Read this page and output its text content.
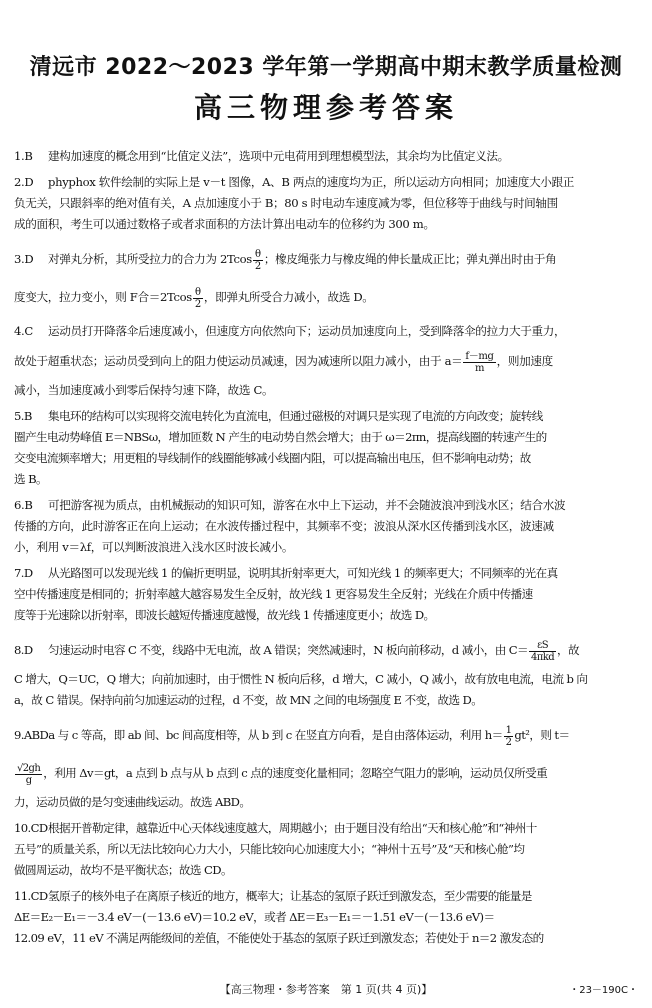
清远市 2022～2023 学年第一学期高中期末教学质量检测
高三物理参考答案
1.B 建构加速度的概念用到“比值定义法”，选项中元电荷用到理想模型法，其余均为比值定义法。
2.D phyphox 软件绘制的实际上是 v－t 图像，A、B 两点的速度均为正，所以运动方向相同；加速度大小跟正
负无关，只跟斜率的绝对值有关，A 点加速度小于 B；80 s 时电动车速度减为零，但位移等于曲线与时间轴围
成的面积，考生可以通过数格子或者求面积的方法计算出电动车的位移约为 300 m。
3.D 对弹丸分析，其所受拉力的合力为 $2Tcos \frac{\theta}{2}$ ；橡皮绳张力与橡皮绳的伸长量成正比；弹丸弹出时由于角
度变大，拉力变小，则 F合$=2Tcos \frac{\theta}{2}$ ，即弹丸所受合力减小，故选 D。
4.C 运动员打开降落伞后速度减小，但速度方向依然向下；运动员加速度向上，受到降落伞的拉力大于重力，
故处于超重状态；运动员受到向上的阻力使运动员减速，因为减速所以阻力减小，由于 $a= \frac{f-mg}{m}$ ，则加速度
减小，当加速度减小到零后保持匀速下降，故选 C。
5.B 集电环的结构可以实现将交流电转化为直流电，但通过磁极的对调只是实现了电流的方向改变；旋转线
圈产生电动势峰值 E＝NBSω，增加匝数 N 产生的电动势自然会增大；由于 ω＝2πn，提高线圈的转速产生的
交变电流频率增大；用更粗的导线制作的线圈能够减小线圈内阻，可以提高输出电压，但不影响电动势；故
选 B。
6.B 可把游客视为质点，由机械振动的知识可知，游客在水中上下运动，并不会随波浪冲到浅水区；结合水波
传播的方向，此时游客正在向上运动；在水波传播过程中，其频率不变；波浪从深水区传播到浅水区，波速减
小，利用 v＝λf，可以判断波浪进入浅水区时波长减小。
7.D 从光路图可以发现光线 1 的偏折更明显，说明其折射率更大，可知光线 1 的频率更大；不同频率的光在真
空中传播速度是相同的；折射率越大越容易发生全反射，故光线 1 更容易发生全反射；光线在介质中传播速
度等于光速除以折射率，即波长越短传播速度越慢，故光线 1 传播速度更小；故选 D。
8.D 匀速运动时电容 C 不变，线路中无电流，故 A 错误；突然减速时，N 板向前移动，d 减小，由 $C= \frac{\varepsilon S}{\text{4πkd}}$ ，故
C 增大，Q＝UC，Q 增大；向前加速时，由于惯性 N 板向后移，d 增大，C 减小，Q 减小，故有放电电流，电流 b 向
a，故 C 错误。保持向前匀加速运动的过程，d 不变，故 MN 之间的电场强度 E 不变，故选 D。
9.ABDa 与 c 等高，即 ab 间、bc 间高度相等，从 b 到 c 在竖直方向看，是自由落体运动，利用 $h= \frac{1}{2} gt^2$，则 t＝
$\frac{√2gh}{g}$ ，利用 Δv＝gt，a 点到 b 点与从 b 点到 c 点的速度变化量相同；忽略空气阻力的影响，运动员仅所受重
力，运动员做的是匀变速曲线运动。故选 ABD。
10.CD根据开普勒定律，越靠近中心天体线速度越大，周期越小；由于题目没有给出“天和核心舱”和“神州十
五号”的质量关系，所以无法比较向心力大小，只能比较向心加速度大小；“神州十五号”及“天和核心舱”均
做圆周运动，故均不是平衡状态；故选 CD。
11.CD氢原子的核外电子在离原子核近的地方，概率大；让基态的氢原子跃迁到激发态，至少需要的能量是
ΔE＝E₂－E₁＝－3.4 eV－(－13.6 eV)＝10.2 eV，或者 ΔE＝E₃－E₁＝－1.51 eV－(－13.6 eV)＝
12.09 eV，11 eV 不满足两能级间的差值，不能使处于基态的氢原子跃迁到激发态；若使处于 n＝2 激发态的
【高三物理・参考答案　第 1 页(共 4 页)】	・23－190C・
